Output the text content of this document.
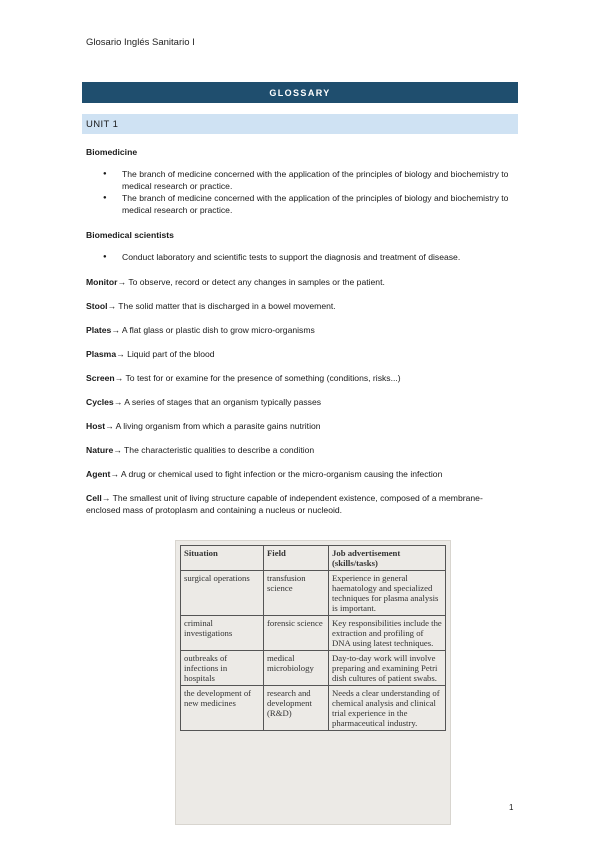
Glosario Inglés Sanitario I
GLOSSARY
UNIT 1
Biomedicine
● The branch of medicine concerned with the application of the principles of biology and biochemistry to medical research or practice.
● The branch of medicine concerned with the application of the principles of biology and biochemistry to medical research or practice.
Biomedical scientists
● Conduct laboratory and scientific tests to support the diagnosis and treatment of disease.
Monitor→ To observe, record or detect any changes in samples or the patient.
Stool→ The solid matter that is discharged in a bowel movement.
Plates→ A flat glass or plastic dish to grow micro-organisms
Plasma→ Liquid part of the blood
Screen→ To test for or examine for the presence of something (conditions, risks...)
Cycles→ A series of stages that an organism typically passes
Host→ A living organism from which a parasite gains nutrition
Nature→ The characteristic qualities to describe a condition
Agent→ A drug or chemical used to fight infection or the micro-organism causing the infection
Cell→ The smallest unit of living structure capable of independent existence, composed of a membrane-enclosed mass of protoplasm and containing a nucleus or nucleoid.
Situation	Field	Job advertisement (skills/tasks)
surgical operations	transfusion science	Experience in general haematology and specialized techniques for plasma analysis is important.
criminal investigations	forensic science	Key responsibilities include the extraction and profiling of DNA using latest techniques.
outbreaks of infections in hospitals	medical microbiology	Day-to-day work will involve preparing and examining Petri dish cultures of patient swabs.
the development of new medicines	research and development (R&D)	Needs a clear understanding of chemical analysis and clinical trial experience in the pharmaceutical industry.
1
